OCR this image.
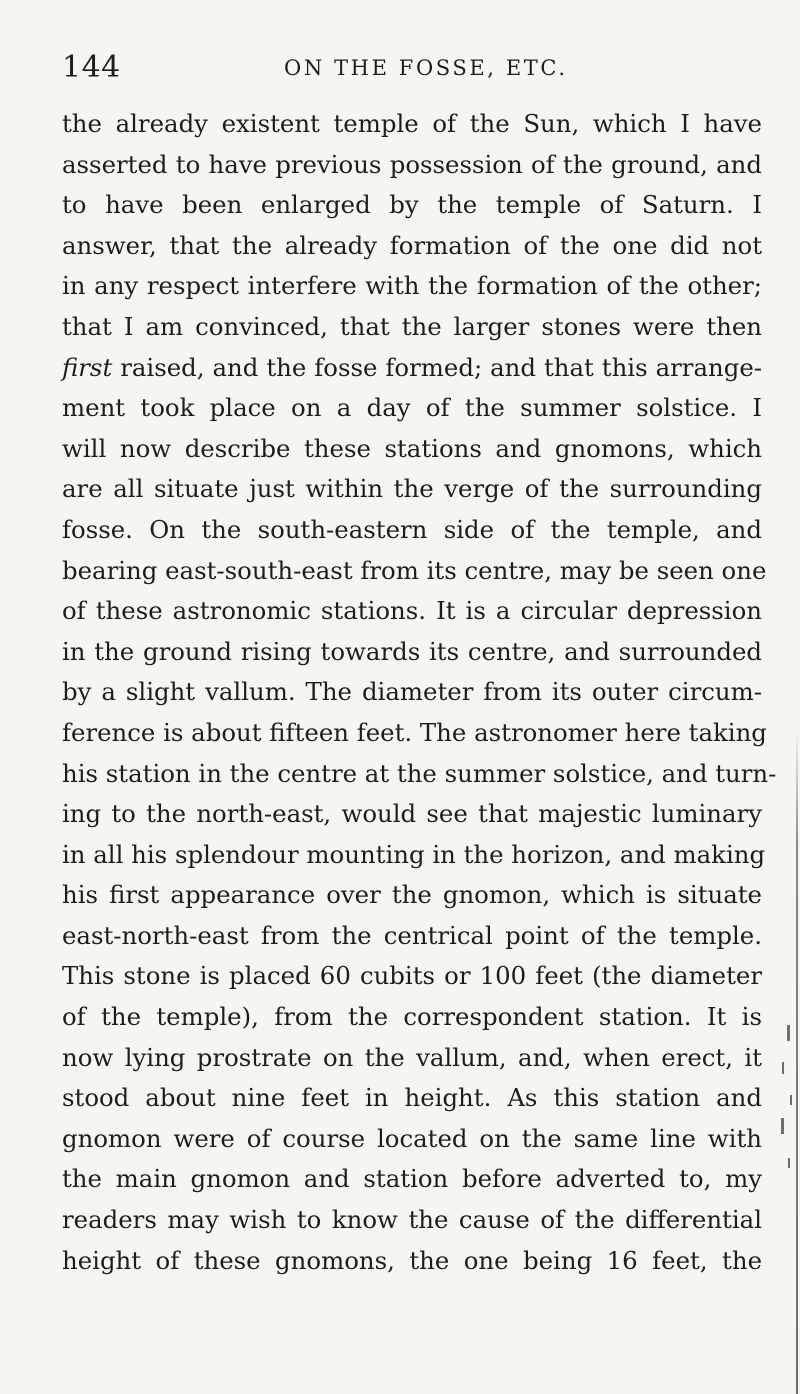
144	ON THE FOSSE, ETC.
the already existent temple of the Sun, which I have
asserted to have previous possession of the ground, and
to have been enlarged by the temple of Saturn. I
answer, that the already formation of the one did not
in any respect interfere with the formation of the other;
that I am convinced, that the larger stones were then
first raised, and the fosse formed; and that this arrange-
ment took place on a day of the summer solstice. I
will now describe these stations and gnomons, which
are all situate just within the verge of the surrounding
fosse. On the south-eastern side of the temple, and
bearing east-south-east from its centre, may be seen one
of these astronomic stations. It is a circular depression
in the ground rising towards its centre, and surrounded
by a slight vallum. The diameter from its outer circum-
ference is about fifteen feet. The astronomer here taking
his station in the centre at the summer solstice, and turn-
ing to the north-east, would see that majestic luminary
in all his splendour mounting in the horizon, and making
his first appearance over the gnomon, which is situate
east-north-east from the centrical point of the temple.
This stone is placed 60 cubits or 100 feet (the diameter
of the temple), from the correspondent station. It is
now lying prostrate on the vallum, and, when erect, it
stood about nine feet in height. As this station and
gnomon were of course located on the same line with
the main gnomon and station before adverted to, my
readers may wish to know the cause of the differential
height of these gnomons, the one being 16 feet, the
